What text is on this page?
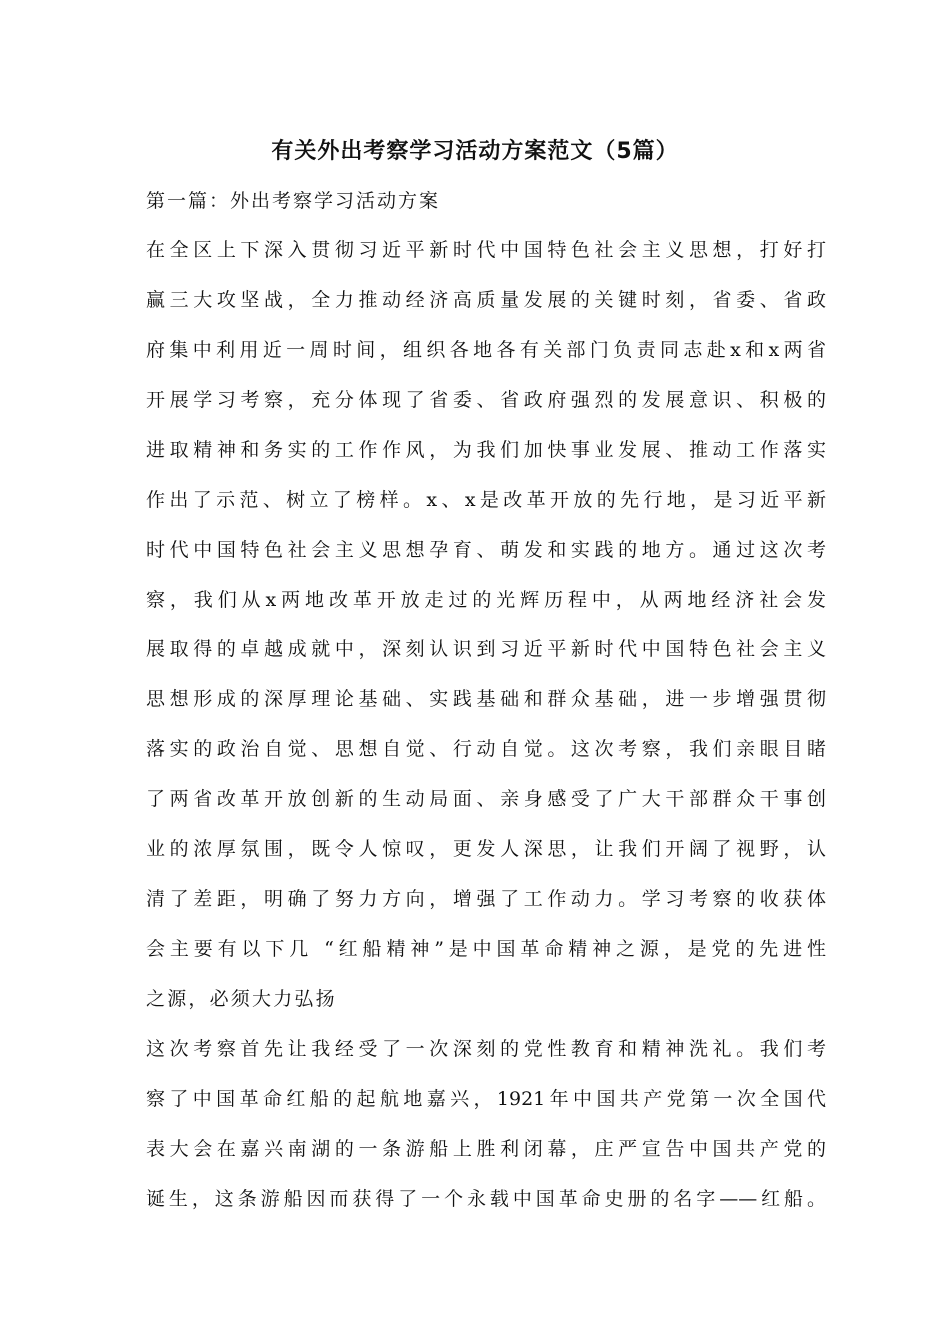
有关外出考察学习活动方案范文（5篇）
第一篇：外出考察学习活动方案
在全区上下深入贯彻习近平新时代中国特色社会主义思想，打好打
赢三大攻坚战，全力推动经济高质量发展的关键时刻，省委、省政
府集中利用近一周时间，组织各地各有关部门负责同志赴x和x两省
开展学习考察，充分体现了省委、省政府强烈的发展意识、积极的
进取精神和务实的工作作风，为我们加快事业发展、推动工作落实
作出了示范、树立了榜样。x、x是改革开放的先行地，是习近平新
时代中国特色社会主义思想孕育、萌发和实践的地方。通过这次考
察，我们从x两地改革开放走过的光辉历程中，从两地经济社会发
展取得的卓越成就中，深刻认识到习近平新时代中国特色社会主义
思想形成的深厚理论基础、实践基础和群众基础，进一步增强贯彻
落实的政治自觉、思想自觉、行动自觉。这次考察，我们亲眼目睹
了两省改革开放创新的生动局面、亲身感受了广大干部群众干事创
业的浓厚氛围，既令人惊叹，更发人深思，让我们开阔了视野，认
清了差距，明确了努力方向，增强了工作动力。学习考察的收获体
会主要有以下几 “红船精神”是中国革命精神之源，是党的先进性
之源，必须大力弘扬
这次考察首先让我经受了一次深刻的党性教育和精神洗礼。我们考
察了中国革命红船的起航地嘉兴，1921年中国共产党第一次全国代
表大会在嘉兴南湖的一条游船上胜利闭幕，庄严宣告中国共产党的
诞生，这条游船因而获得了一个永载中国革命史册的名字——红船。
